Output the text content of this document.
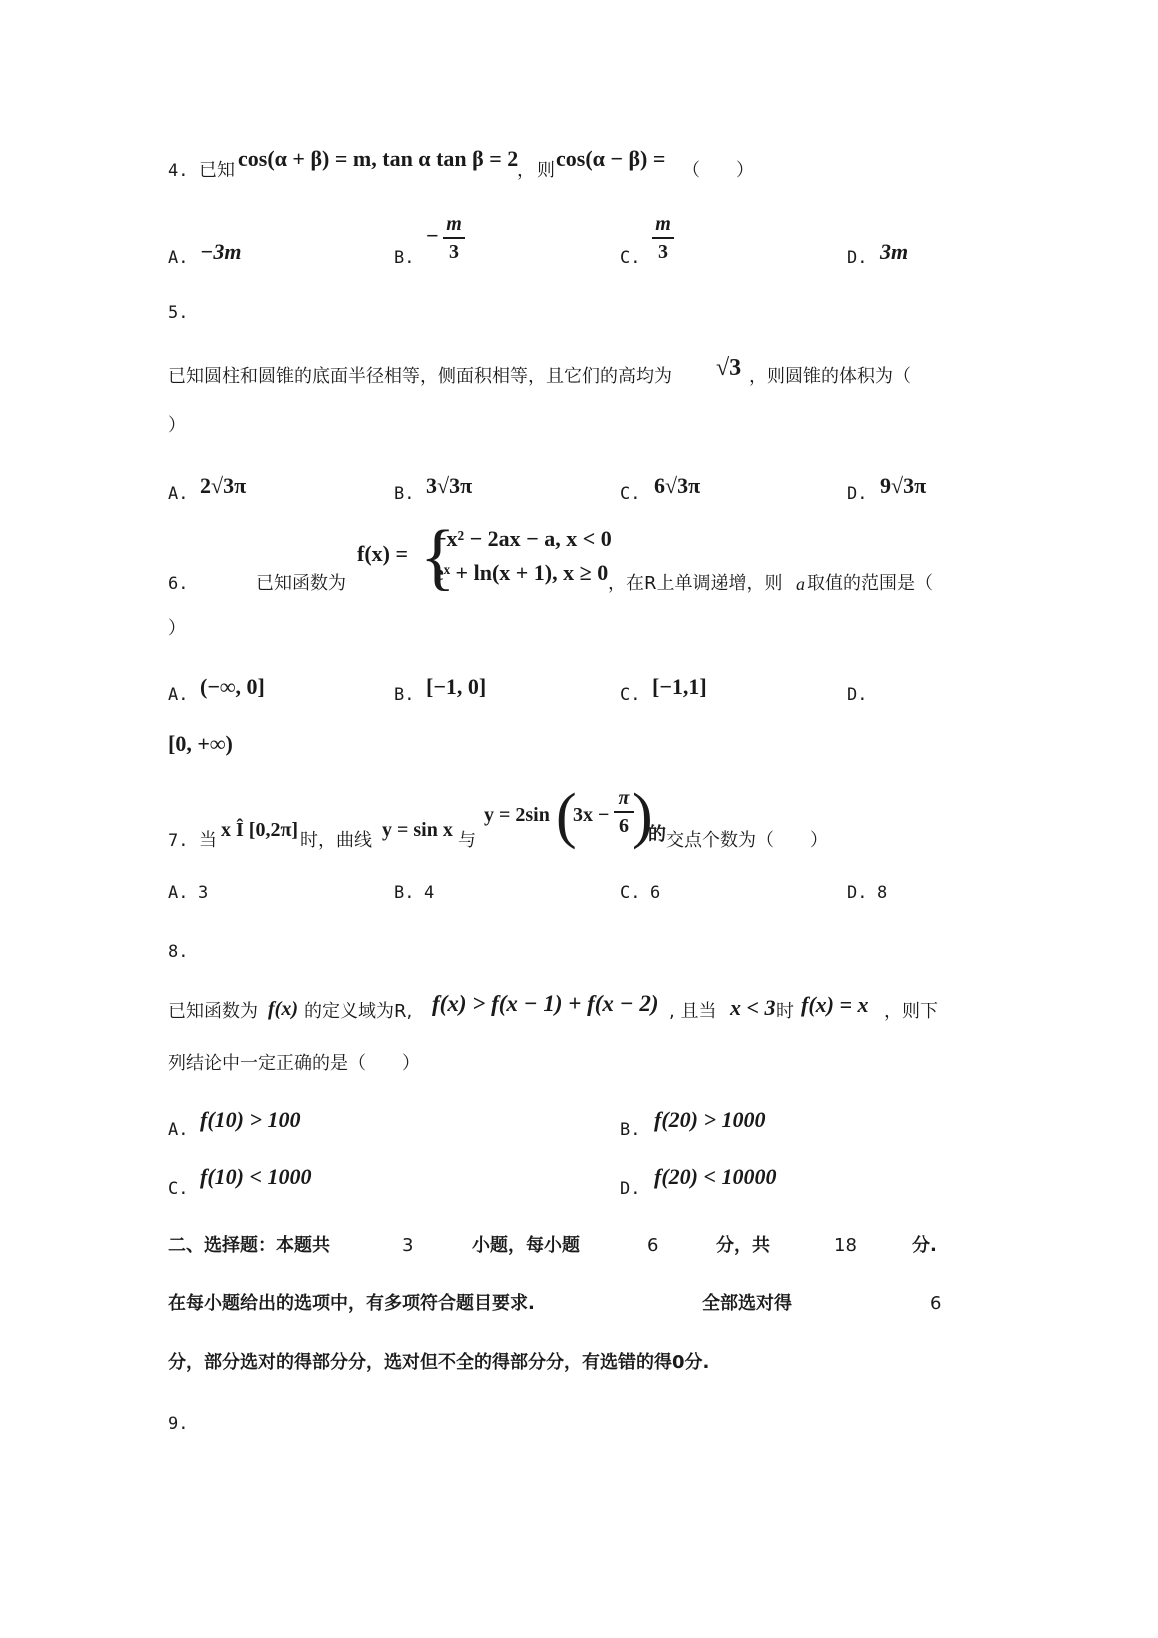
4. 已知 cos(α + β) = m, tan α tan β = 2
， 则 cos(α − β) = （　　）
A. −3m	B.
− m
3	C.
m
3	D. 3m
5.
已知圆柱和圆锥的底面半径相等，侧面积相等，且它们的高均为 √3 ，则圆锥的体积为（
）
A. 2√3π	B. 3√3π	C. 6√3π	D. 9√3π
6.	已知函数为
f(x) = {
−x² − 2ax − a, x < 0
eˣ + ln(x + 1), x ≥ 0 ，在R上单调递增，则 a 取值的范围是（
）
A. (−∞, 0]	B. [−1, 0]	C. [−1,1]	D.
[0, +∞)
7. 当 x Î [0,2π] 时，曲线 y = sin x 与
y = 2sin (
3x −
π
6 )
的 交点个数为（　　）
A. 3	B. 4	C. 6	D. 8
8.
已知函数为 f(x) 的定义域为R, f(x) > f(x − 1) + f(x − 2) , 且当 x < 3 时 f(x) = x ，则下
列结论中一定正确的是（　　）
A. f(10) > 100	B. f(20) > 1000
C. f(10) < 1000	D. f(20) < 10000
二、选择题：本题共	3	小题，每小题	6	分，共	18	分.
在每小题给出的选项中，有多项符合题目要求.	全部选对得	6
分，部分选对的得部分分，选对但不全的得部分分，有选错的得0分.
9.
